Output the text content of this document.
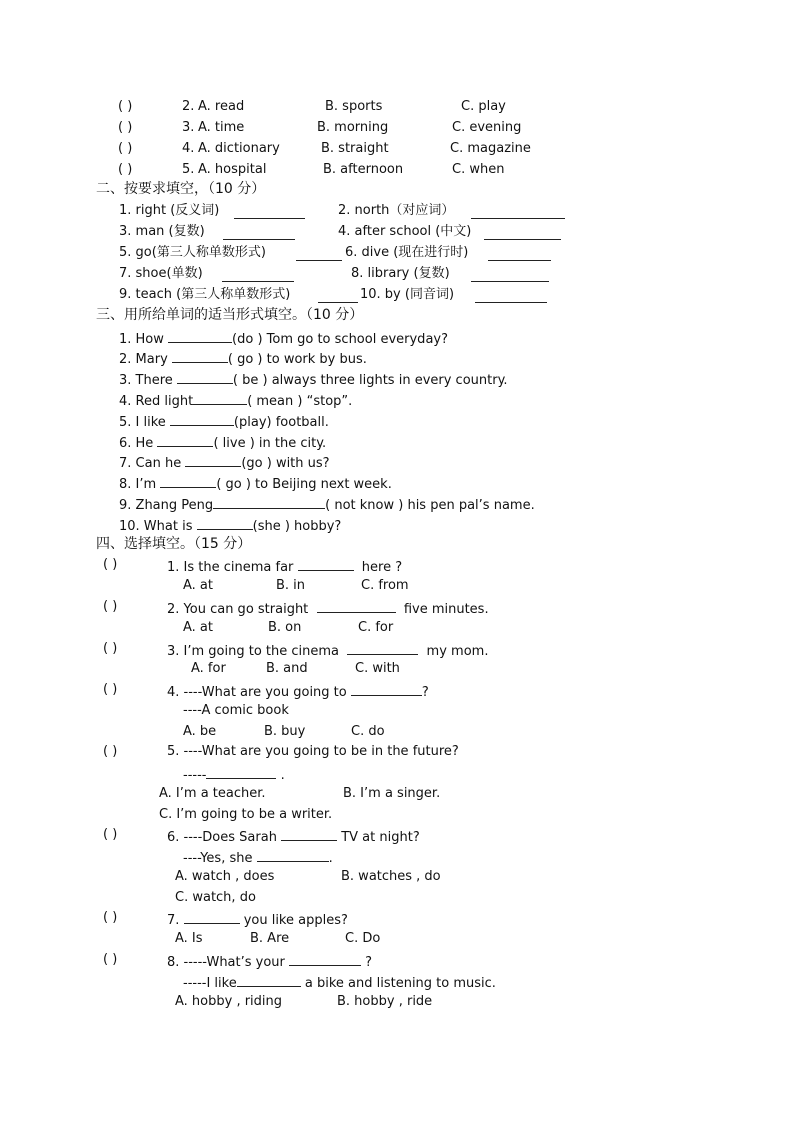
( )	2. A. read	B. sports	C. play
( )	3. A. time	B. morning	C. evening
( )	4. A. dictionary	B. straight	C. magazine
( )	5. A. hospital	B. afternoon	C. when
二、按要求填空，（10 分）
1. right (反义词)	2. north（对应词）
3. man (复数)	4. after school (中文)
5. go(第三人称单数形式)	6. dive (现在进行时)
7. shoe(单数)	8. library (复数)
9. teach (第三人称单数形式)	10. by (同音词)
三、用所给单词的适当形式填空。（10 分）
1. How	(do ) Tom go to school everyday?
2. Mary	( go ) to work by bus.
3. There	( be ) always three lights in every country.
4. Red light	( mean ) “stop”.
5. I like	(play) football.
6. He	( live ) in the city.
7. Can he	(go ) with us?
8. I’m	( go ) to Beijing next week.
9. Zhang Peng	( not know ) his pen pal’s name.
10. What is	(she ) hobby?
四、选择填空。（15 分）
( )	1. Is the cinema far	here ?
A. at	B. in	C. from
( )	2. You can go straight	five minutes.
A. at	B. on	C. for
( )	3. I’m going to the cinema	my mom.
A. for	B. and	C. with
( )	4. ----What are you going to	?
----A comic book
A. be	B. buy	C. do
( )	5. ----What are you going to be in the future?
-----	.
A. I’m a teacher.	B. I’m a singer.
C. I’m going to be a writer.
( )	6. ----Does Sarah	TV at night?
----Yes, she	.
A. watch , does	B. watches , do
C. watch, do
( )	7.	you like apples?
A. Is	B. Are	C. Do
( )	8. -----What’s your	?
-----I like	a bike and listening to music.
A. hobby , riding	B. hobby , ride
